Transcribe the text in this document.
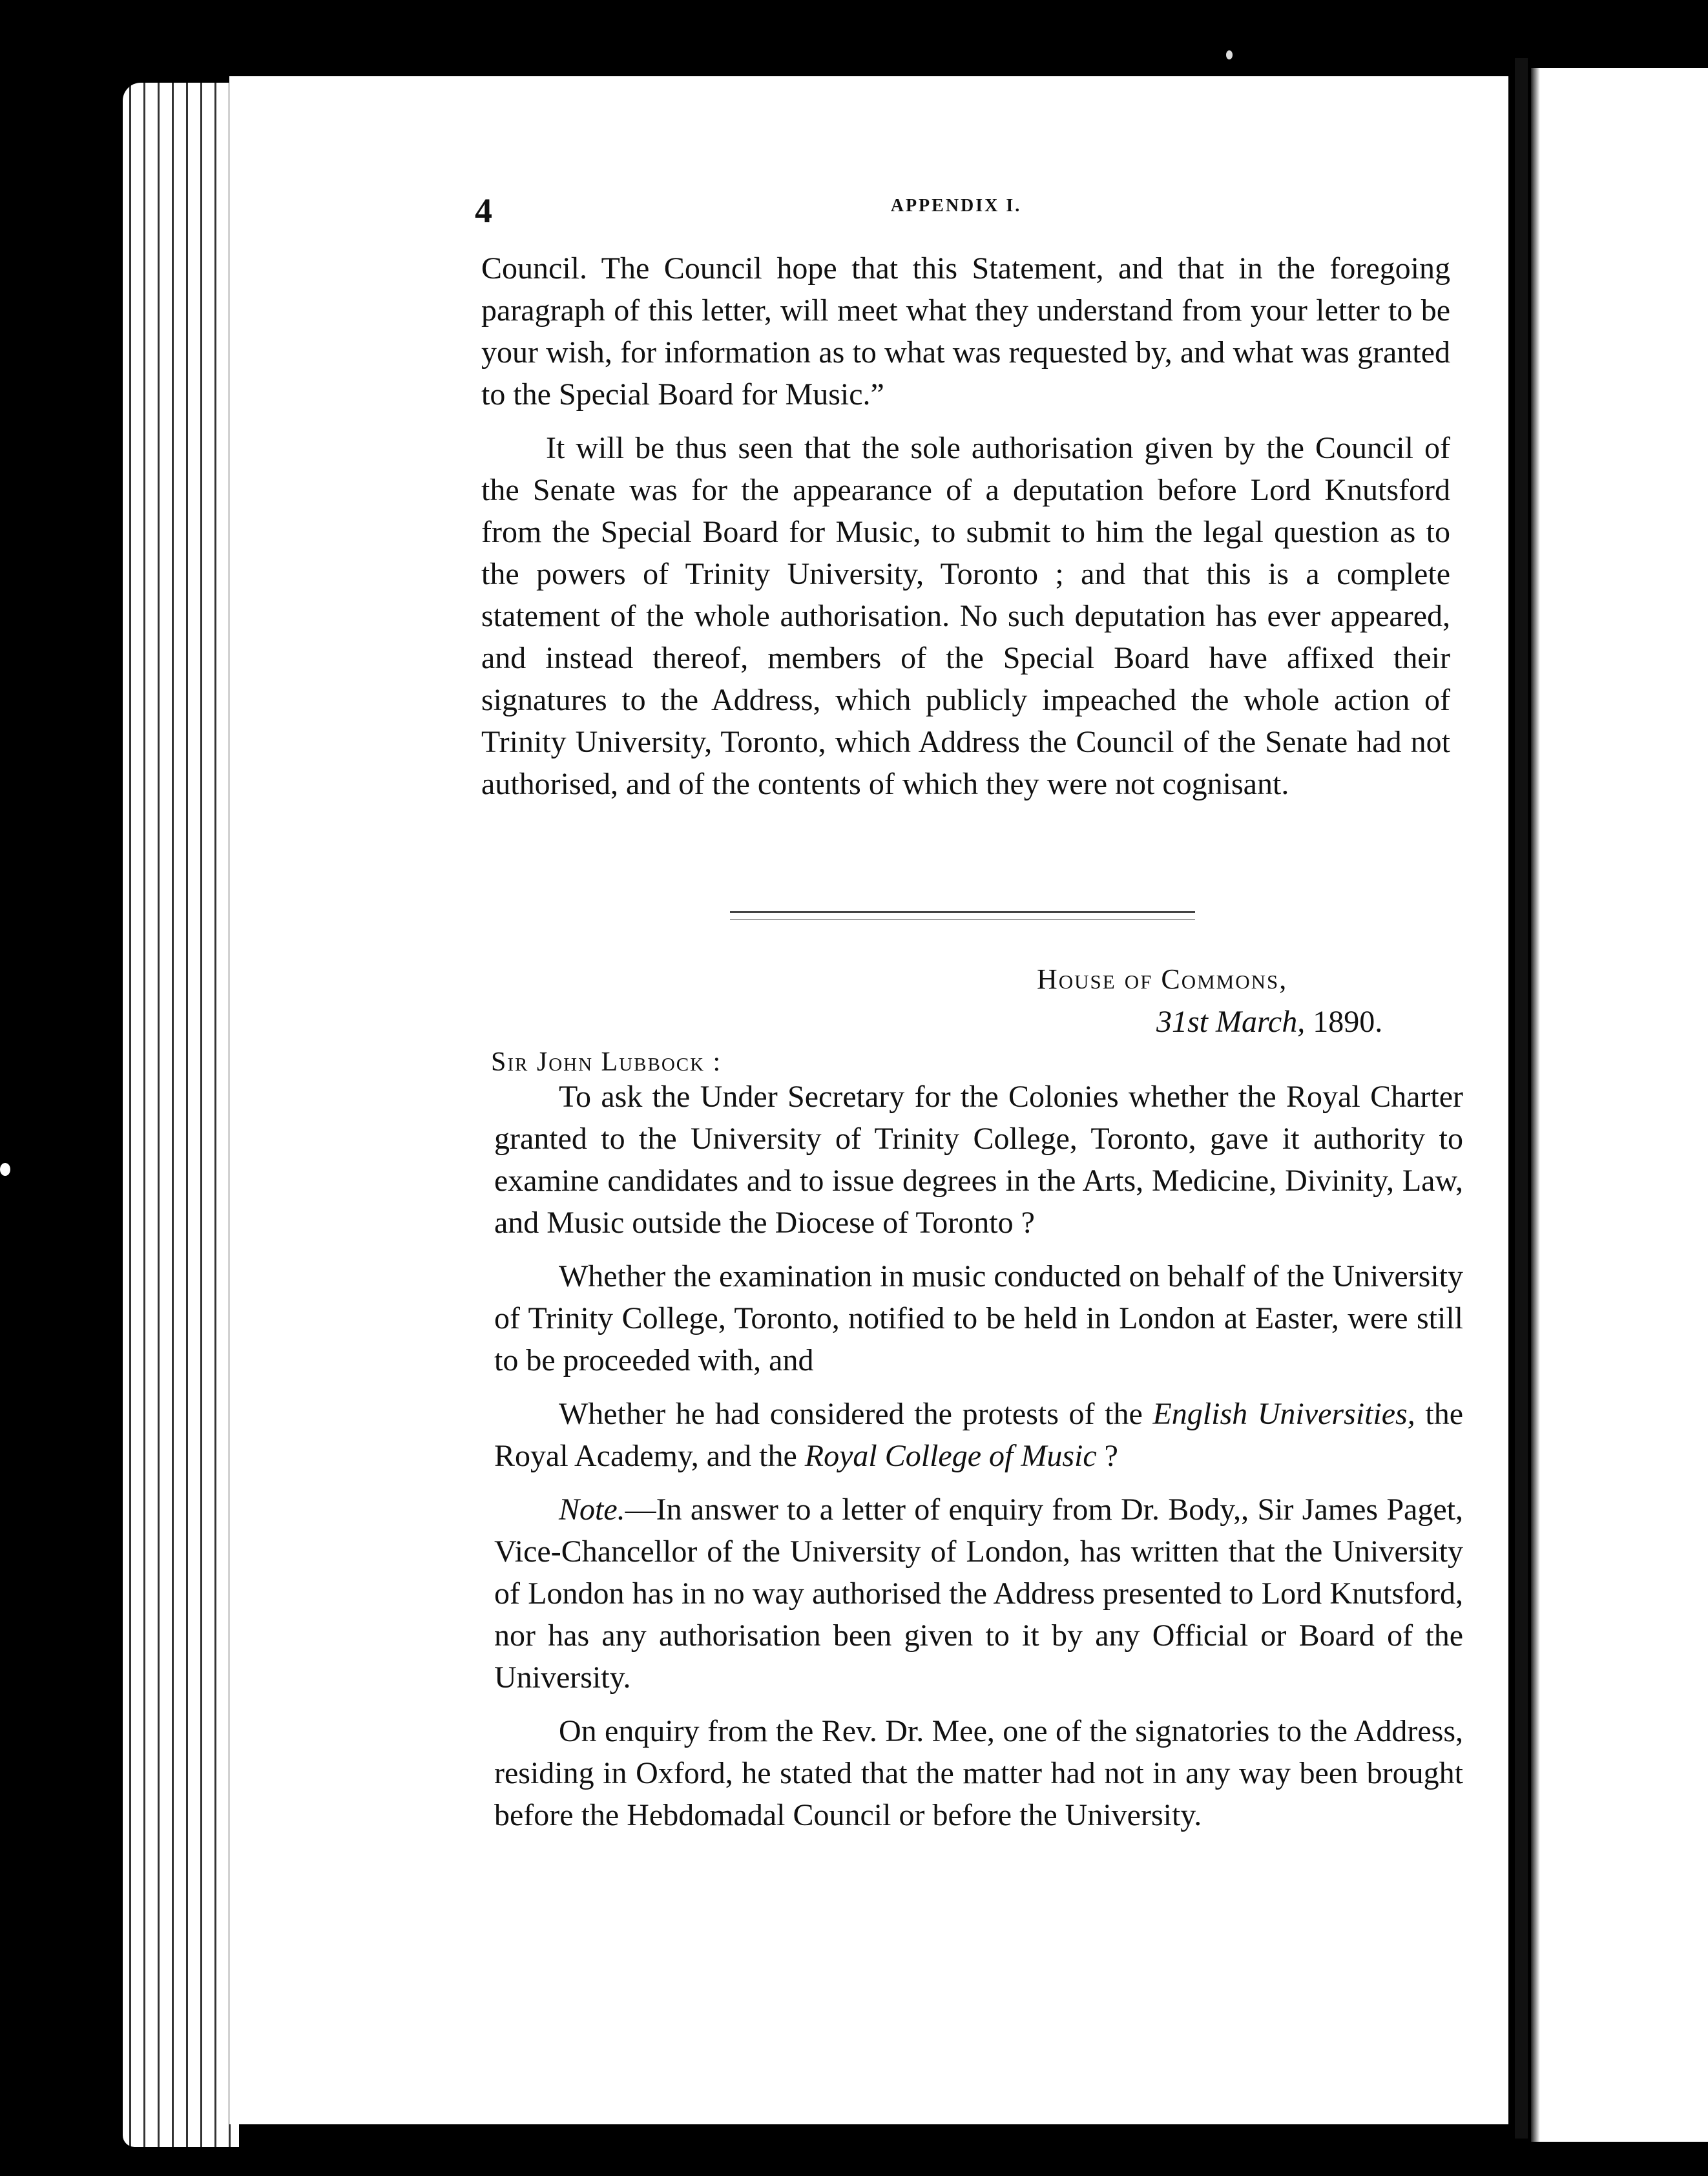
4	APPENDIX I.

Council. The Council hope that this Statement, and that in the foregoing paragraph of this letter, will meet what they understand from your letter to be your wish, for information as to what was requested by, and what was granted to the Special Board for Music.”

It will be thus seen that the sole authorisation given by the Council of the Senate was for the appearance of a deputation before Lord Knutsford from the Special Board for Music, to submit to him the legal question as to the powers of Trinity University, Toronto ; and that this is a complete statement of the whole authorisation. No such deputation has ever appeared, and instead thereof, members of the Special Board have affixed their signatures to the Address, which publicly impeached the whole action of Trinity University, Toronto, which Address the Council of the Senate had not authorised, and of the contents of which they were not cognisant.

House of Commons,
31st March, 1890.
Sir John Lubbock :

To ask the Under Secretary for the Colonies whether the Royal Charter granted to the University of Trinity College, Toronto, gave it authority to examine candidates and to issue degrees in the Arts, Medicine, Divinity, Law, and Music outside the Diocese of Toronto ?

Whether the examination in music conducted on behalf of the University of Trinity College, Toronto, notified to be held in London at Easter, were still to be proceeded with, and

Whether he had considered the protests of the English Universities, the Royal Academy, and the Royal College of Music ?

Note.—In answer to a letter of enquiry from Dr. Body,, Sir James Paget, Vice-Chancellor of the University of London, has written that the University of London has in no way authorised the Address presented to Lord Knutsford, nor has any authorisation been given to it by any Official or Board of the University.

On enquiry from the Rev. Dr. Mee, one of the signatories to the Address, residing in Oxford, he stated that the matter had not in any way been brought before the Hebdomadal Council or before the University.
